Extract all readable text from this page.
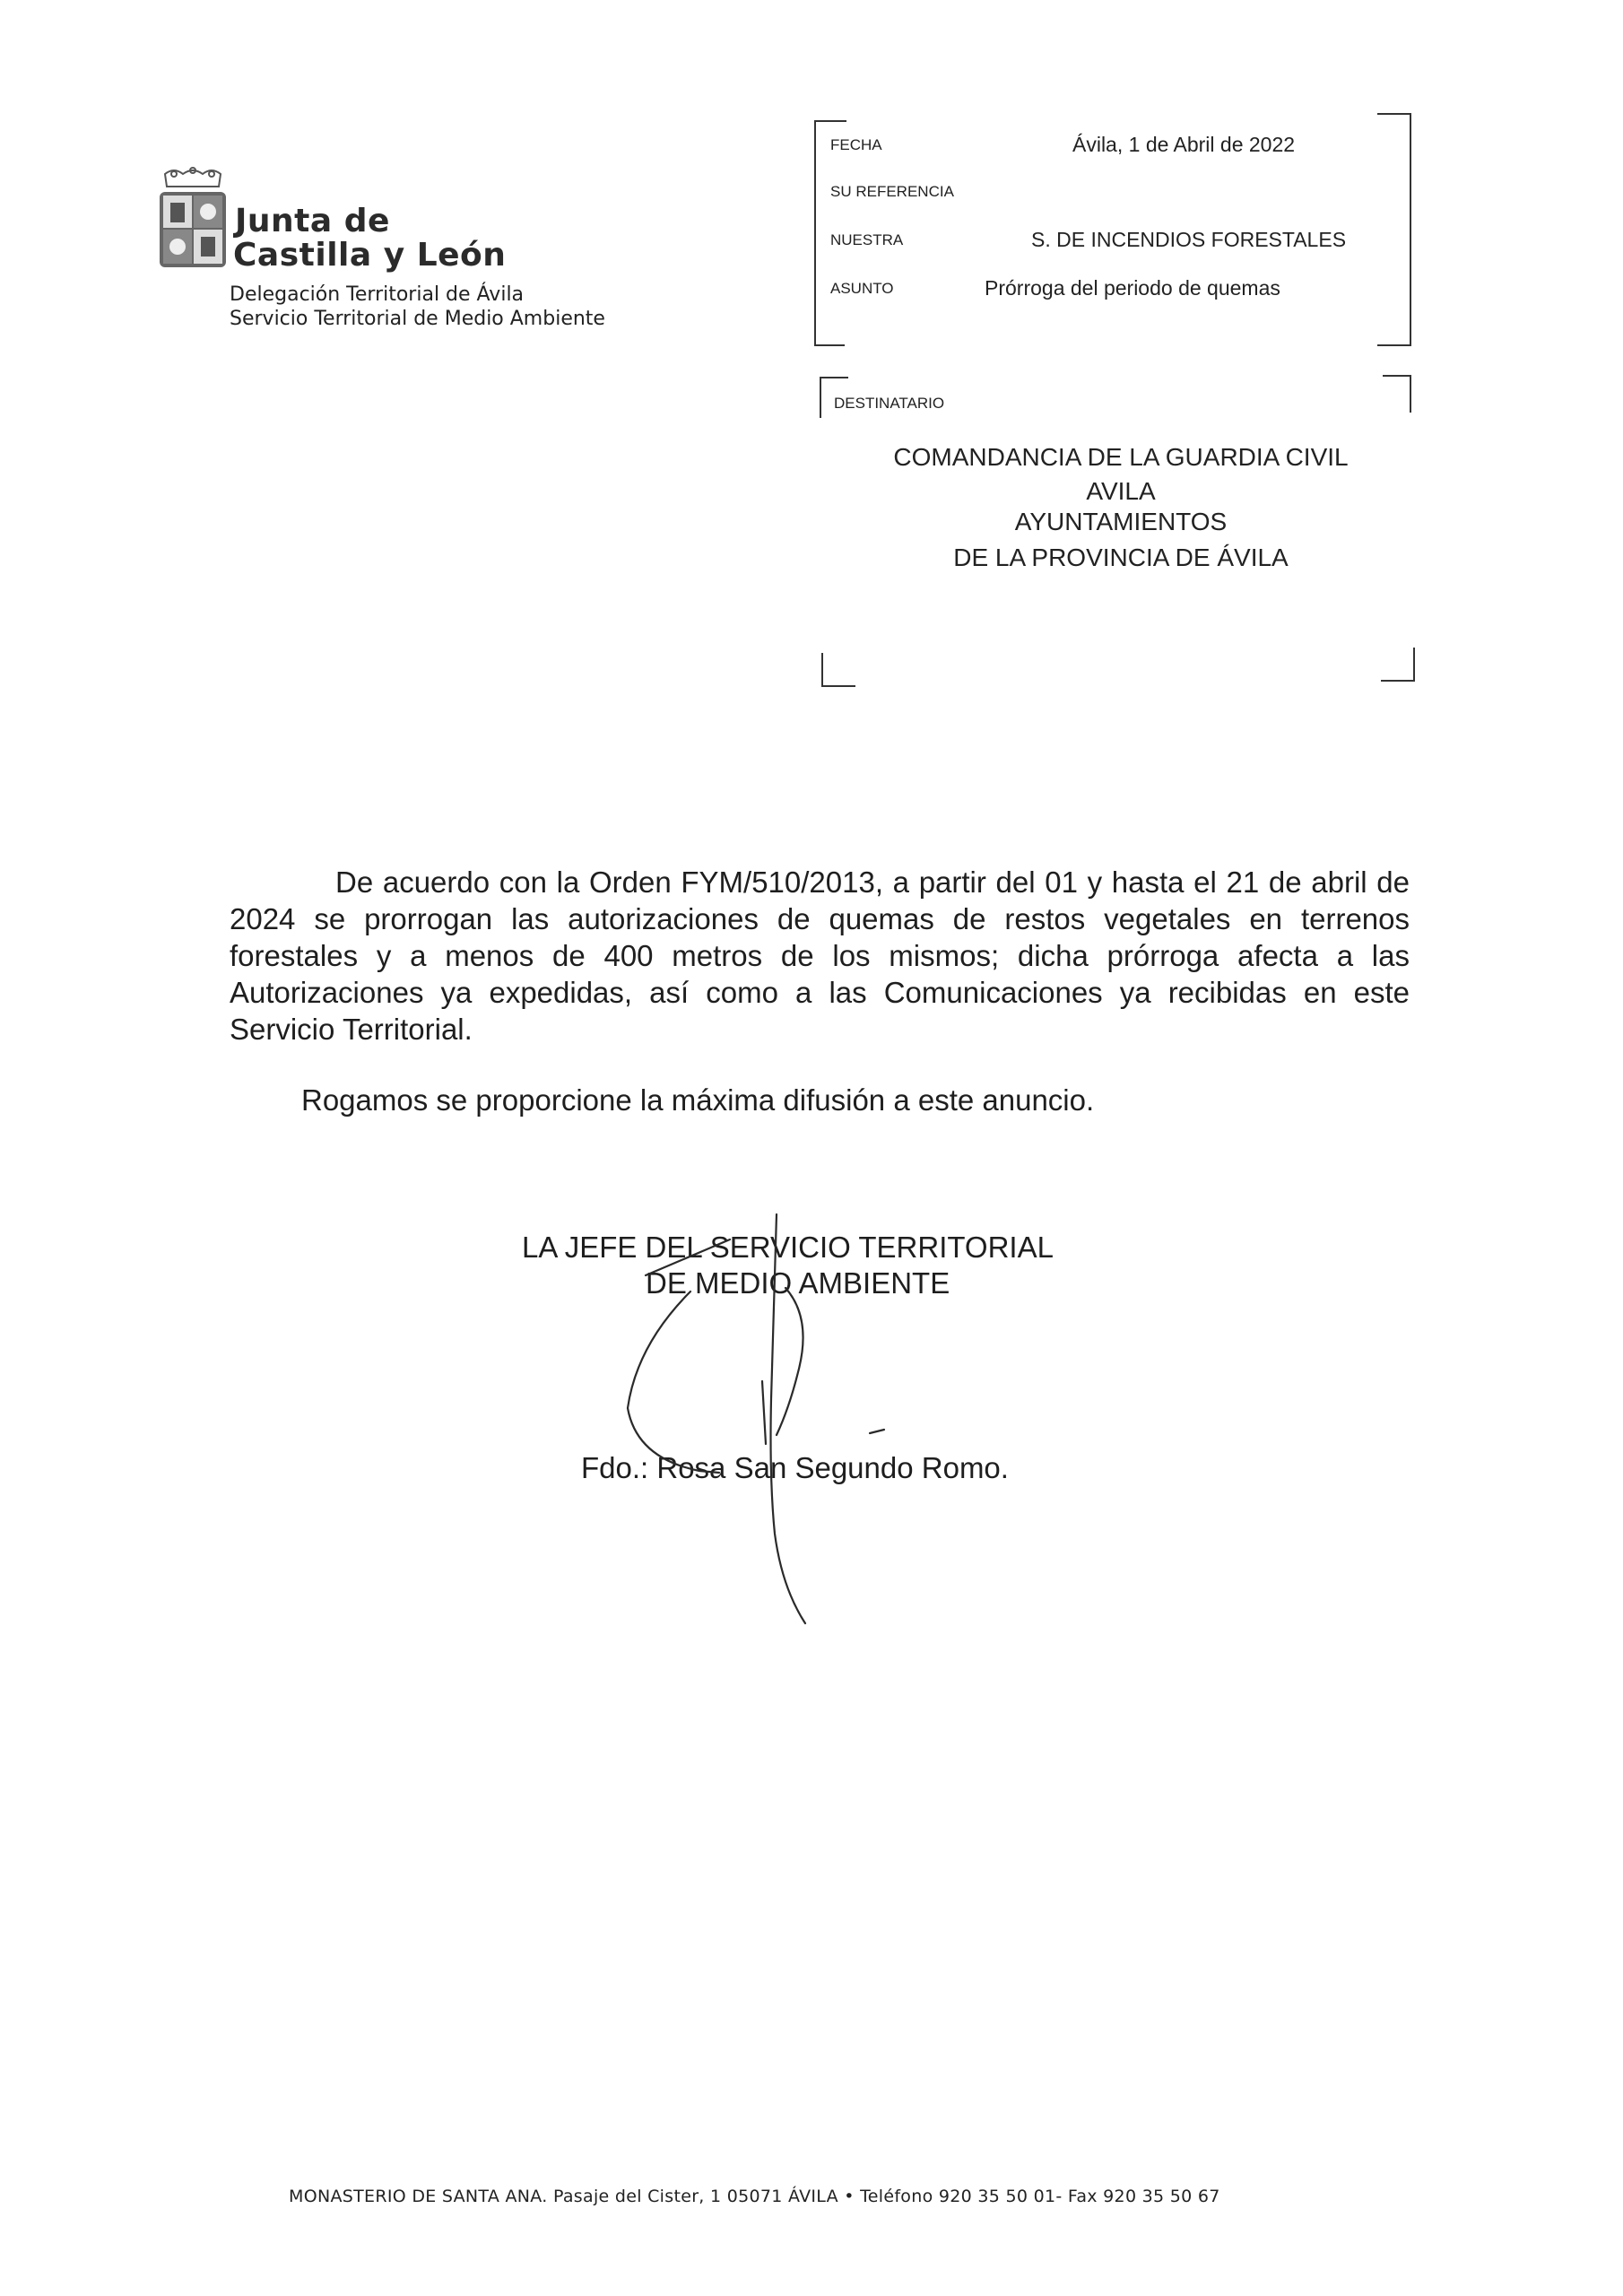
Junta de
Castilla y León
Delegación Territorial de Ávila
Servicio Territorial de Medio Ambiente
FECHA	Ávila, 1 de Abril de 2022
SU REFERENCIA
NUESTRA	S. DE INCENDIOS FORESTALES
ASUNTO	Prórroga del periodo de quemas
DESTINATARIO
COMANDANCIA DE LA GUARDIA CIVIL
AVILA
AYUNTAMIENTOS
DE LA PROVINCIA DE ÁVILA
De acuerdo con la Orden FYM/510/2013, a partir del 01 y hasta el 21 de abril de 2024 se prorrogan las autorizaciones de quemas de restos vegetales en terrenos forestales y a menos de 400 metros de los mismos; dicha prórroga afecta a las Autorizaciones ya expedidas, así como a las Comunicaciones ya recibidas en este Servicio Territorial.
Rogamos se proporcione la máxima difusión a este anuncio.
LA JEFE DEL SERVICIO TERRITORIAL
DE MEDIO AMBIENTE
Fdo.: Rosa San Segundo Romo.
MONASTERIO DE SANTA ANA. Pasaje del Cister, 1 05071 ÁVILA • Teléfono 920 35 50 01- Fax 920 35 50 67
